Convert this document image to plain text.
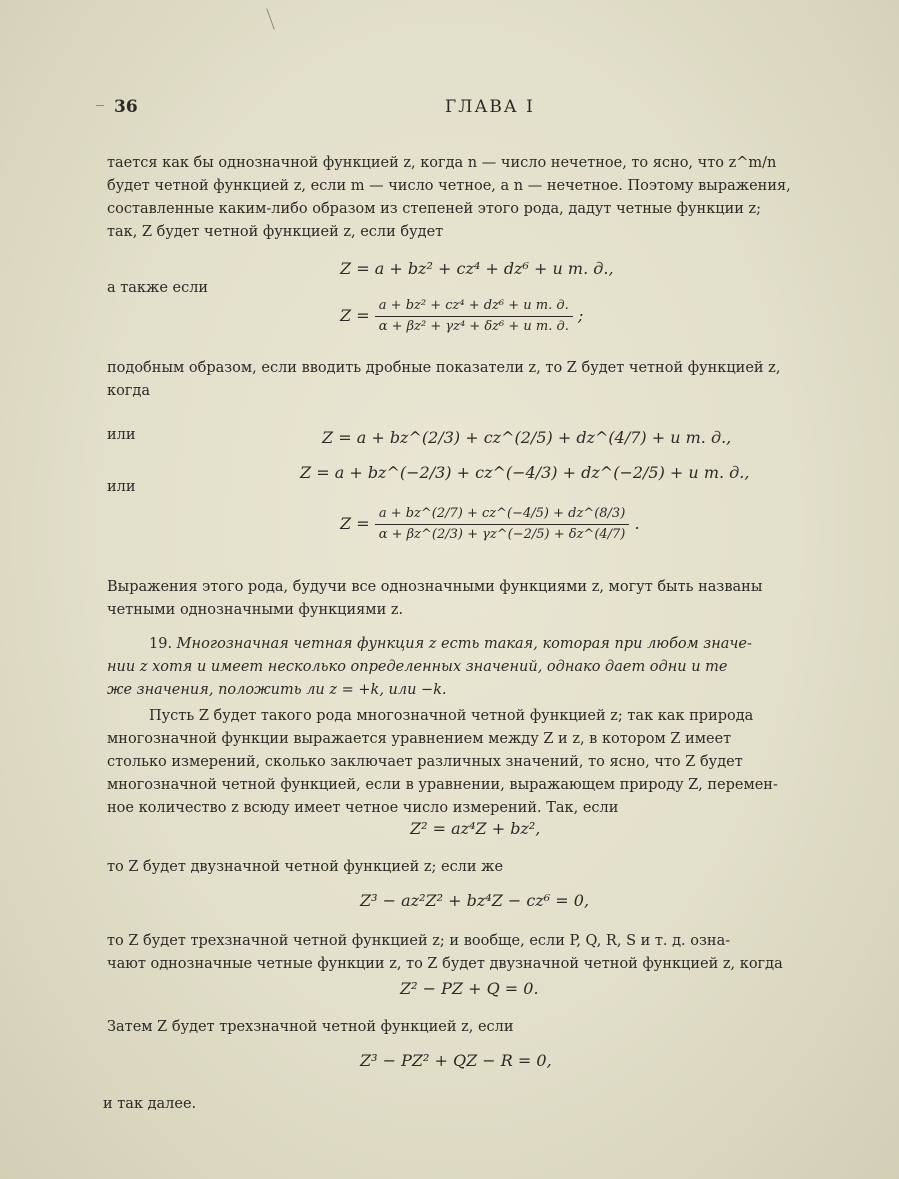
36	ГЛАВА I
тается как бы однозначной функцией z, когда n — число нечетное, то ясно, что z^m/n
будет четной функцией z, если m — число четное, а n — нечетное. Поэтому выражения,
составленные каким-либо образом из степеней этого рода, дадут четные функции z;
так, Z будет четной функцией z, если будет
Z = a + bz² + cz⁴ + dz⁶ + и т. д.,
а также если
$Z = \frac{\text{a + bz² + cz⁴ + dz⁶ + и т. д.}}{\text{α + βz² + γz⁴ + δz⁶ + и т. д.}}$ ;
подобным образом, если вводить дробные показатели z, то Z будет четной функцией z,
когда
Z = a + bz^(2/3) + cz^(2/5) + dz^(4/7) + и т. д.,
или
Z = a + bz^(−2/3) + cz^(−4/3) + dz^(−2/5) + и т. д.,
или
$Z = \frac{a + bz\^{}(2/7) + cz\^{}(-4/5) + dz\^{}(8/3)}{\alpha + \beta z\^{}(2/3) + \gamma z\^{}(-2/5) + \delta z\^{}(4/7)}$ .
Выражения этого рода, будучи все однозначными функциями z, могут быть названы
четными однозначными функциями z.
19. Многозначная четная функция z есть такая, которая при любом значе-
нии z хотя и имеет несколько определенных значений, однако дает одни и те
же значения, положить ли z = +k, или −k.
Пусть Z будет такого рода многозначной четной функцией z; так как природа
многозначной функции выражается уравнением между Z и z, в котором Z имеет
столько измерений, сколько заключает различных значений, то ясно, что Z будет
многозначной четной функцией, если в уравнении, выражающем природу Z, перемен-
ное количество z всюду имеет четное число измерений. Так, если
Z² = az⁴Z + bz²,
то Z будет двузначной четной функцией z; если же
Z³ − az²Z² + bz⁴Z − cz⁶ = 0,
то Z будет трехзначной четной функцией z; и вообще, если P, Q, R, S и т. д. озна-
чают однозначные четные функции z, то Z будет двузначной четной функцией z, когда
Z² − PZ + Q = 0.
Затем Z будет трехзначной четной функцией z, если
Z³ − PZ² + QZ − R = 0,
и так далее.
